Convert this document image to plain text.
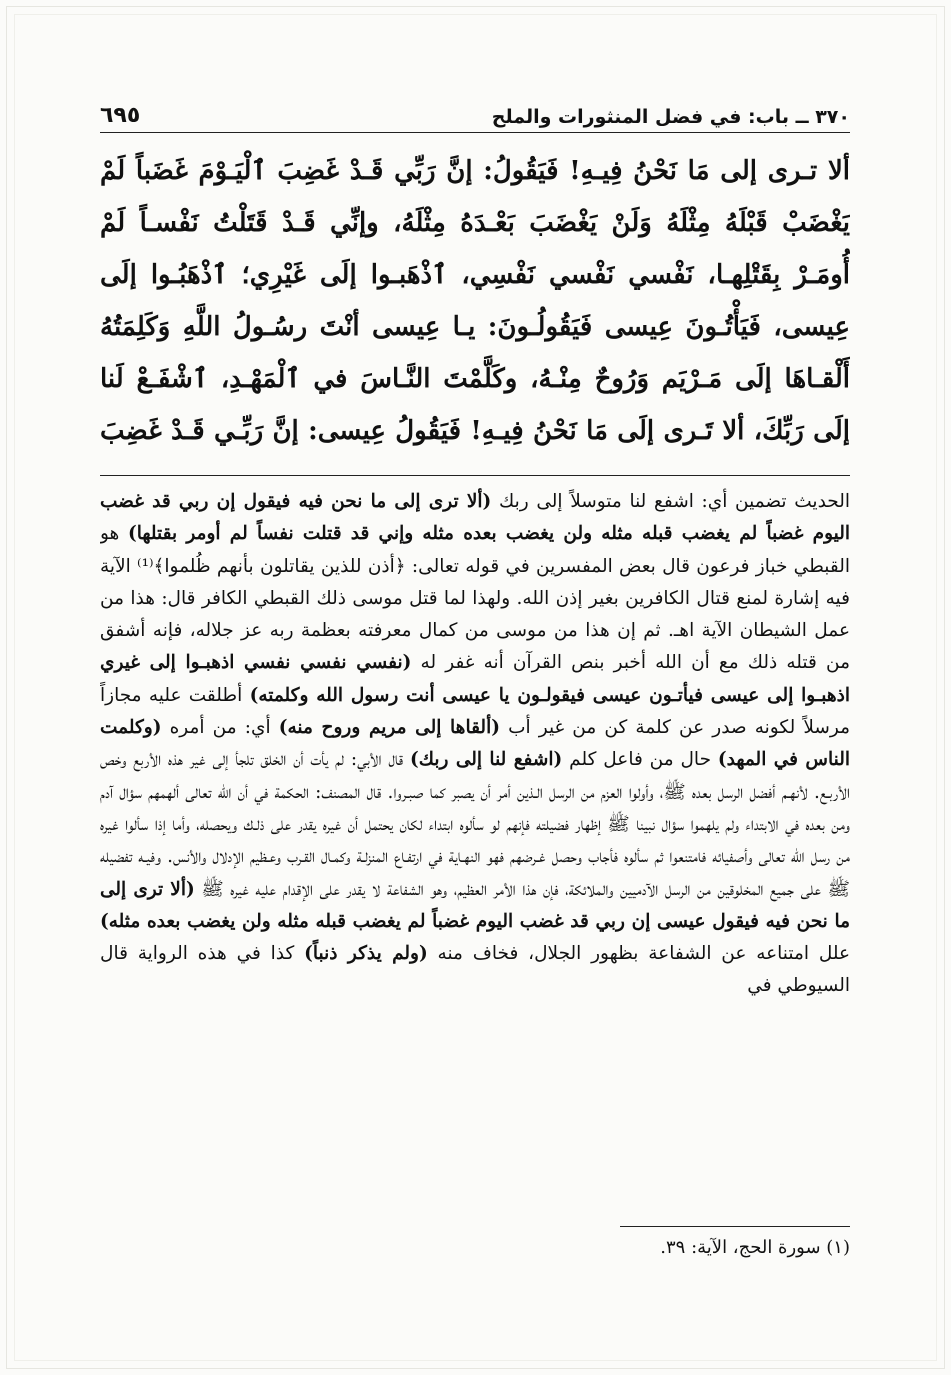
٣٧٠ ــ باب: في فضل المنثورات والملح
٦٩٥
ألا تـرى إلى مَا نَحْنُ فِيـهِ! فَيَقُولُ: إنَّ رَبِّي قَـدْ غَضِبَ ٱلْيَـوْمَ غَضَباً لَمْ يَغْضَبْ قَبْلَهُ مِثْلَهُ وَلَنْ يَغْضَبَ بَعْـدَهُ مِثْلَهُ، وإنِّي قَـدْ قَتَلْتُ نَفْسـاً لَمْ أُومَـرْ بِقَتْلِهـا، نَفْسي نَفْسي نَفْسِي، ٱذْهَبـوا إلَى غَيْرِي؛ ٱذْهَبُـوا إلَى عِيسى، فَيَأْتُـونَ عِيسى فَيَقُولُـونَ: يـا عِيسى أنْتَ رسُـولُ اللَّهِ وَكَلِمَتُهُ أَلْقـاهَا إلَى مَـرْيَم وَرُوحٌ مِنْـهُ، وكَلَّمْتَ النَّـاسَ في ٱلْمَهْـدِ، ٱشْفَـعْ لَنا إلَى رَبِّكَ، ألا تَـرى إلَى مَا نَحْنُ فِيـهِ! فَيَقُولُ عِيسى: إنَّ رَبِّـي قَـدْ غَضِبَ
الحديث تضمين أي: اشفع لنا متوسلاً إلى ربك (ألا ترى إلى ما نحن فيه فيقول إن ربي قد غضب اليوم غضباً لم يغضب قبله مثله ولن يغضب بعده مثله وإني قد قتلت نفساً لم أومر بقتلها) هو القبطي خباز فرعون قال بعض المفسرين في قوله تعالى: ﴿أذن للذين يقاتلون بأنهم ظُلموا﴾⁽¹⁾ الآية فيه إشارة لمنع قتال الكافرين بغير إذن الله. ولهذا لما قتل موسى ذلك القبطي الكافر قال: هذا من عمل الشيطان الآية اهـ. ثم إن هذا من موسى من كمال معرفته بعظمة ربه عز جلاله، فإنه أشفق من قتله ذلك مع أن الله أخبر بنص القرآن أنه غفر له (نفسي نفسي نفسي اذهبـوا إلى غيري اذهبـوا إلى عيسى فيأتـون عيسى فيقولـون يا عيسى أنت رسول الله وكلمته) أطلقت عليه مجازاً مرسلاً لكونه صدر عن كلمة كن من غير أب (ألقاها إلى مريم وروح منه) أي: من أمره (وكلمت الناس في المهد) حال من فاعل كلم (اشفع لنا إلى ربك) قال الأبي: لم يأت أن الخلق تلجأ إلى غير هذه الأربع وخص الأربـع. لأنهـم أفضل الرسل بعده ﷺ، وأولوا العزم من الرسل الـذين أمر أن يصبر كما صبـروا. قال المصنف: الحكمة في أن الله تعالى ألهمهم سؤال آدم ومن بعده في الابتداء ولم يلهموا سؤال نبينا ﷺ إظهار فضيلته فإنهم لو سألوه ابتداء لكان يحتمل أن غيره يقدر على ذلـك ويحصله، وأما إذا سألوا غيره من رسل الله تعالى وأصفيائه فامتنعوا ثم سألوه فأجاب وحصل غـرضهم فهو النهـاية في ارتفـاع المنزلـة وكمـال القـرب وعـظيم الإدلال والأنس. وفيـه تفضيله ﷺ على جميع المخلوقين من الرسل الآدميين والملائكة، فإن هذا الأمر العظيم، وهو الشفاعة لا يقدر على الإقدام عليه غيره ﷺ (ألا ترى إلى ما نحن فيه فيقول عيسى إن ربي قد غضب اليوم غضباً لم يغضب قبله مثله ولن يغضب بعده مثله) علل امتناعه عن الشفاعة بظهور الجلال، فخاف منه (ولم يذكر ذنباً) كذا في هذه الرواية قال السيوطي في
(١) سورة الحج، الآية: ٣٩.
